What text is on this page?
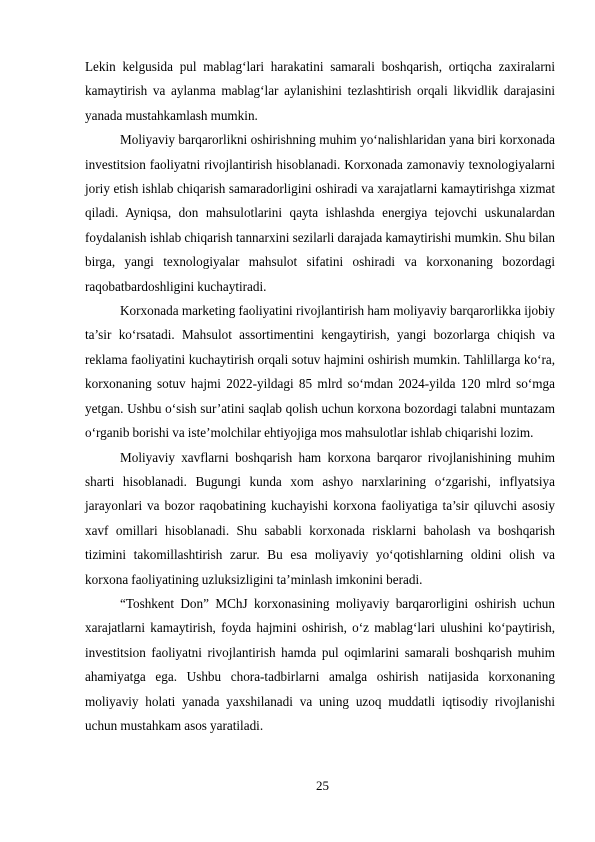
Lekin kelgusida pul mablag‘lari harakatini samarali boshqarish, ortiqcha zaxiralarni kamaytirish va aylanma mablag‘lar aylanishini tezlashtirish orqali likvidlik darajasini yanada mustahkamlash mumkin.

Moliyaviy barqarorlikni oshirishning muhim yo‘nalishlaridan yana biri korxonada investitsion faoliyatni rivojlantirish hisoblanadi. Korxonada zamonaviy texnologiyalarni joriy etish ishlab chiqarish samaradorligini oshiradi va xarajatlarni kamaytirishga xizmat qiladi. Ayniqsa, don mahsulotlarini qayta ishlashda energiya tejovchi uskunalardan foydalanish ishlab chiqarish tannarxini sezilarli darajada kamaytirishi mumkin. Shu bilan birga, yangi texnologiyalar mahsulot sifatini oshiradi va korxonaning bozordagi raqobatbardoshligini kuchaytiradi.

Korxonada marketing faoliyatini rivojlantirish ham moliyaviy barqarorlikka ijobiy ta’sir ko‘rsatadi. Mahsulot assortimentini kengaytirish, yangi bozorlarga chiqish va reklama faoliyatini kuchaytirish orqali sotuv hajmini oshirish mumkin. Tahlillarga ko‘ra, korxonaning sotuv hajmi 2022-yildagi 85 mlrd so‘mdan 2024-yilda 120 mlrd so‘mga yetgan. Ushbu o‘sish sur’atini saqlab qolish uchun korxona bozordagi talabni muntazam o‘rganib borishi va iste’molchilar ehtiyojiga mos mahsulotlar ishlab chiqarishi lozim.

Moliyaviy xavflarni boshqarish ham korxona barqaror rivojlanishining muhim sharti hisoblanadi. Bugungi kunda xom ashyo narxlarining o‘zgarishi, inflyatsiya jarayonlari va bozor raqobatining kuchayishi korxona faoliyatiga ta’sir qiluvchi asosiy xavf omillari hisoblanadi. Shu sababli korxonada risklarni baholash va boshqarish tizimini takomillashtirish zarur. Bu esa moliyaviy yo‘qotishlarning oldini olish va korxona faoliyatining uzluksizligini ta’minlash imkonini beradi.

“Toshkent Don” MChJ korxonasining moliyaviy barqarorligini oshirish uchun xarajatlarni kamaytirish, foyda hajmini oshirish, o‘z mablag‘lari ulushini ko‘paytirish, investitsion faoliyatni rivojlantirish hamda pul oqimlarini samarali boshqarish muhim ahamiyatga ega. Ushbu chora-tadbirlarni amalga oshirish natijasida korxonaning moliyaviy holati yanada yaxshilanadi va uning uzoq muddatli iqtisodiy rivojlanishi uchun mustahkam asos yaratiladi.

25
